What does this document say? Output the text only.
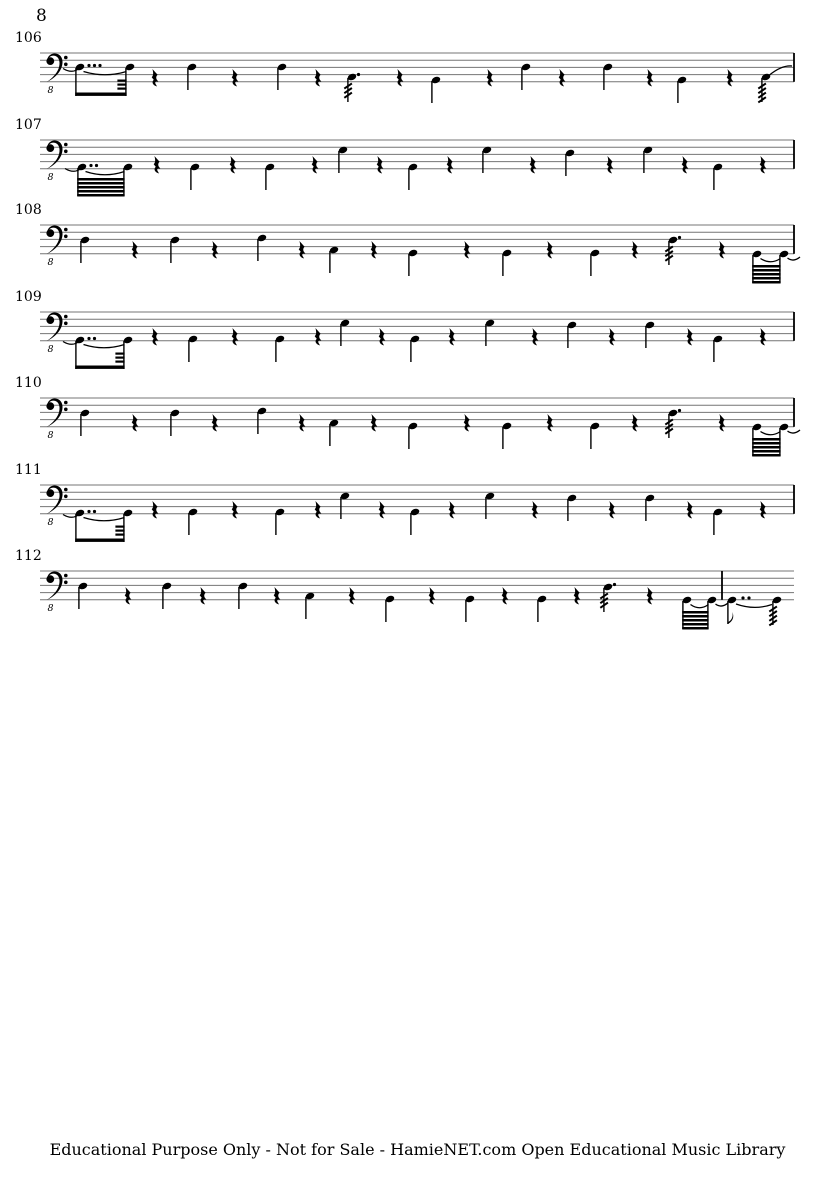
8
8
106
8
107
8
108
8
109
8
110
8
111
8
112
Educational Purpose Only - Not for Sale - HamieNET.com Open Educational Music Library
